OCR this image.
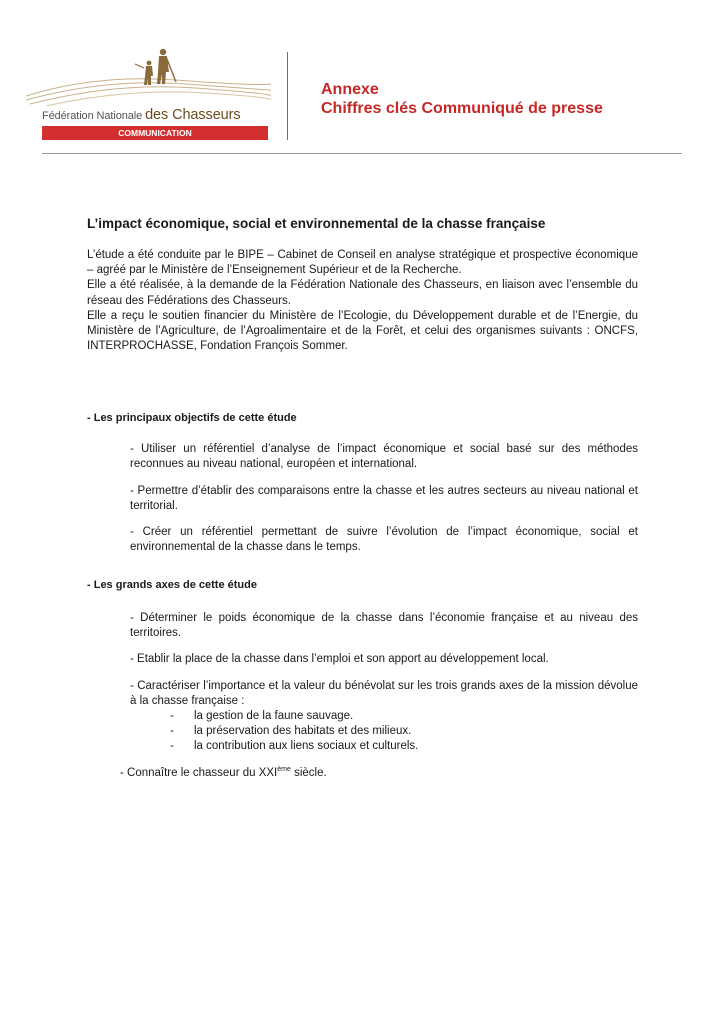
Fédération Nationale des Chasseurs
COMMUNICATION
Annexe
Chiffres clés Communiqué de presse
L’impact économique, social et environnemental de la chasse française

L’étude a été conduite par le BIPE – Cabinet de Conseil en analyse stratégique et prospective économique – agréé par le Ministère de l’Enseignement Supérieur et de la Recherche.

Elle a été réalisée, à la demande de la Fédération Nationale des Chasseurs, en liaison avec l’ensemble du réseau des Fédérations des Chasseurs.

Elle a reçu le soutien financier du Ministère de l’Ecologie, du Développement durable et de l’Energie, du Ministère de l’Agriculture, de l’Agroalimentaire et de la Forêt, et celui des organismes suivants : ONCFS, INTERPROCHASSE, Fondation François Sommer.

- Les principaux objectifs de cette étude
- Utiliser un référentiel d’analyse de l’impact économique et social basé sur des méthodes reconnues au niveau national, européen et international.
- Permettre d’établir des comparaisons entre la chasse et les autres secteurs au niveau national et territorial.
- Créer un référentiel permettant de suivre l’évolution de l’impact économique, social et environnemental de la chasse dans le temps.
- Les grands axes de cette étude
- Déterminer le poids économique de la chasse dans l’économie française et au niveau des territoires.
- Etablir la place de la chasse dans l’emploi et son apport au développement local.
- Caractériser l’importance et la valeur du bénévolat sur les trois grands axes de la mission dévolue à la chasse française :
- la gestion de la faune sauvage.
- la préservation des habitats et des milieux.
- la contribution aux liens sociaux et culturels.
- Connaître le chasseur du XXIème siècle.
